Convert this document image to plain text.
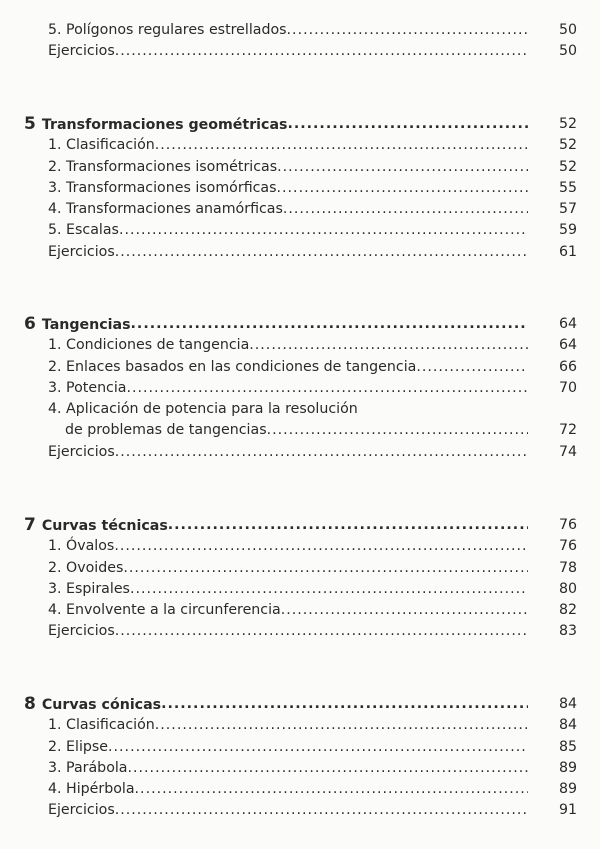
5. Polígonos regulares estrellados .....	50
Ejercicios .....	50
5 Transformaciones geométricas .....	52
1. Clasificación .....	52
2. Transformaciones isométricas .....	52
3. Transformaciones isomórficas .....	55
4. Transformaciones anamórficas .....	57
5. Escalas .....	59
Ejercicios .....	61
6 Tangencias .....	64
1. Condiciones de tangencia .....	64
2. Enlaces basados en las condiciones de tangencia .....	66
3. Potencia .....	70
4. Aplicación de potencia para la resolución
de problemas de tangencias .....	72
Ejercicios .....	74
7 Curvas técnicas .....	76
1. Óvalos .....	76
2. Ovoides .....	78
3. Espirales .....	80
4. Envolvente a la circunferencia .....	82
Ejercicios .....	83
8 Curvas cónicas .....	84
1. Clasificación .....	84
2. Elipse .....	85
3. Parábola .....	89
4. Hipérbola .....	89
Ejercicios .....	91
